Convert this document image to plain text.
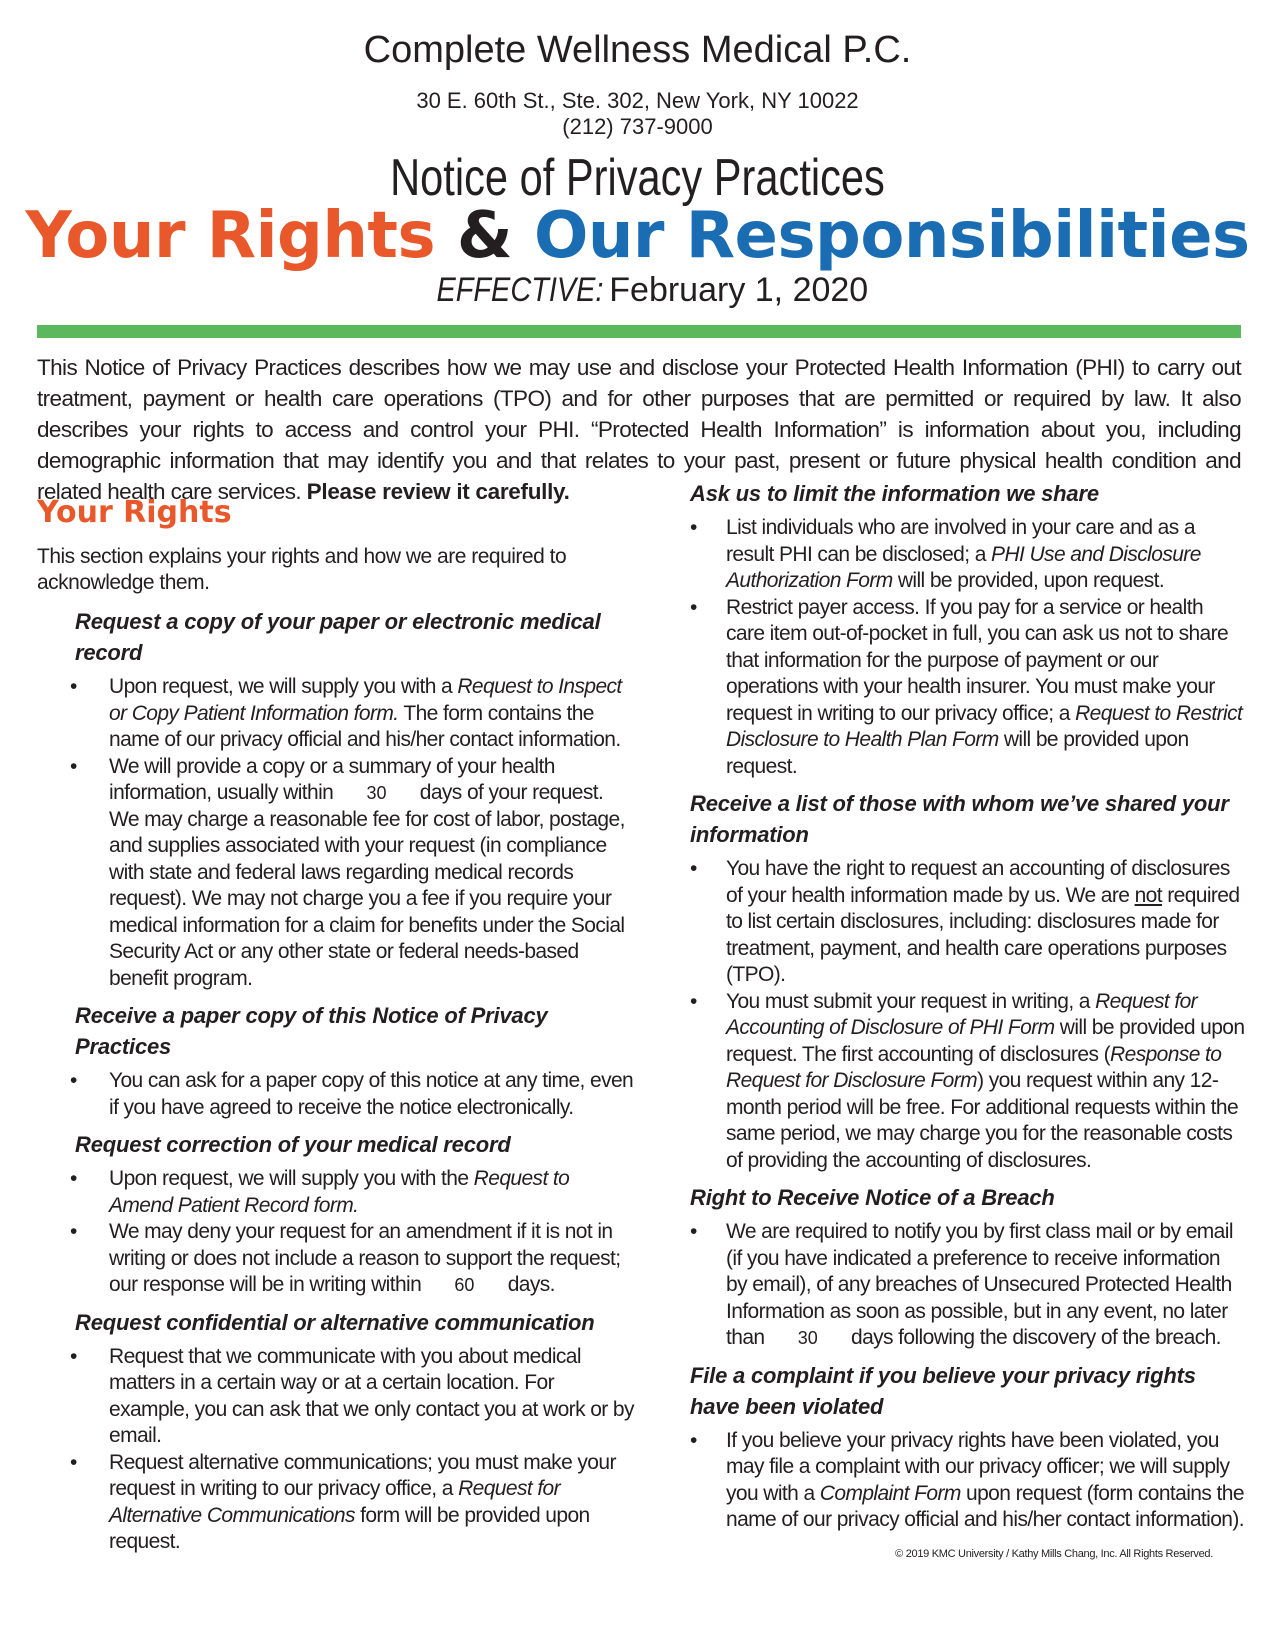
Complete Wellness Medical P.C.
30 E. 60th St., Ste. 302, New York, NY 10022
(212) 737-9000
Notice of Privacy Practices
Your Rights & Our Responsibilities
EFFECTIVE: February 1, 2020
This Notice of Privacy Practices describes how we may use and disclose your Protected Health Information (PHI) to carry out treatment, payment or health care operations (TPO) and for other purposes that are permitted or required by law. It also describes your rights to access and control your PHI. “Protected Health Information” is information about you, including demographic information that may identify you and that relates to your past, present or future physical health condition and related health care services. Please review it carefully.
Your Rights
This section explains your rights and how we are required to acknowledge them.
Request a copy of your paper or electronic medical record
• Upon request, we will supply you with a Request to Inspect or Copy Patient Information form. The form contains the name of our privacy official and his/her contact information.
• We will provide a copy or a summary of your health information, usually within 30 days of your request. We may charge a reasonable fee for cost of labor, postage, and supplies associated with your request (in compliance with state and federal laws regarding medical records request). We may not charge you a fee if you require your medical information for a claim for benefits under the Social Security Act or any other state or federal needs-based benefit program.
Receive a paper copy of this Notice of Privacy Practices
• You can ask for a paper copy of this notice at any time, even if you have agreed to receive the notice electronically.
Request correction of your medical record
• Upon request, we will supply you with the Request to Amend Patient Record form.
• We may deny your request for an amendment if it is not in writing or does not include a reason to support the request; our response will be in writing within 60 days.
Request confidential or alternative communication
• Request that we communicate with you about medical matters in a certain way or at a certain location. For example, you can ask that we only contact you at work or by email.
• Request alternative communications; you must make your request in writing to our privacy office, a Request for Alternative Communications form will be provided upon request.
Ask us to limit the information we share
• List individuals who are involved in your care and as a result PHI can be disclosed; a PHI Use and Disclosure Authorization Form will be provided, upon request.
• Restrict payer access. If you pay for a service or health care item out-of-pocket in full, you can ask us not to share that information for the purpose of payment or our operations with your health insurer. You must make your request in writing to our privacy office; a Request to Restrict Disclosure to Health Plan Form will be provided upon request.
Receive a list of those with whom we’ve shared your information
• You have the right to request an accounting of disclosures of your health information made by us. We are not required to list certain disclosures, including: disclosures made for treatment, payment, and health care operations purposes (TPO).
• You must submit your request in writing, a Request for Accounting of Disclosure of PHI Form will be provided upon request. The first accounting of disclosures (Response to Request for Disclosure Form) you request within any 12-month period will be free. For additional requests within the same period, we may charge you for the reasonable costs of providing the accounting of disclosures.
Right to Receive Notice of a Breach
• We are required to notify you by first class mail or by email (if you have indicated a preference to receive information by email), of any breaches of Unsecured Protected Health Information as soon as possible, but in any event, no later than 30 days following the discovery of the breach.
File a complaint if you believe your privacy rights have been violated
• If you believe your privacy rights have been violated, you may file a complaint with our privacy officer; we will supply you with a Complaint Form upon request (form contains the name of our privacy official and his/her contact information).
© 2019 KMC University / Kathy Mills Chang, Inc. All Rights Reserved.
